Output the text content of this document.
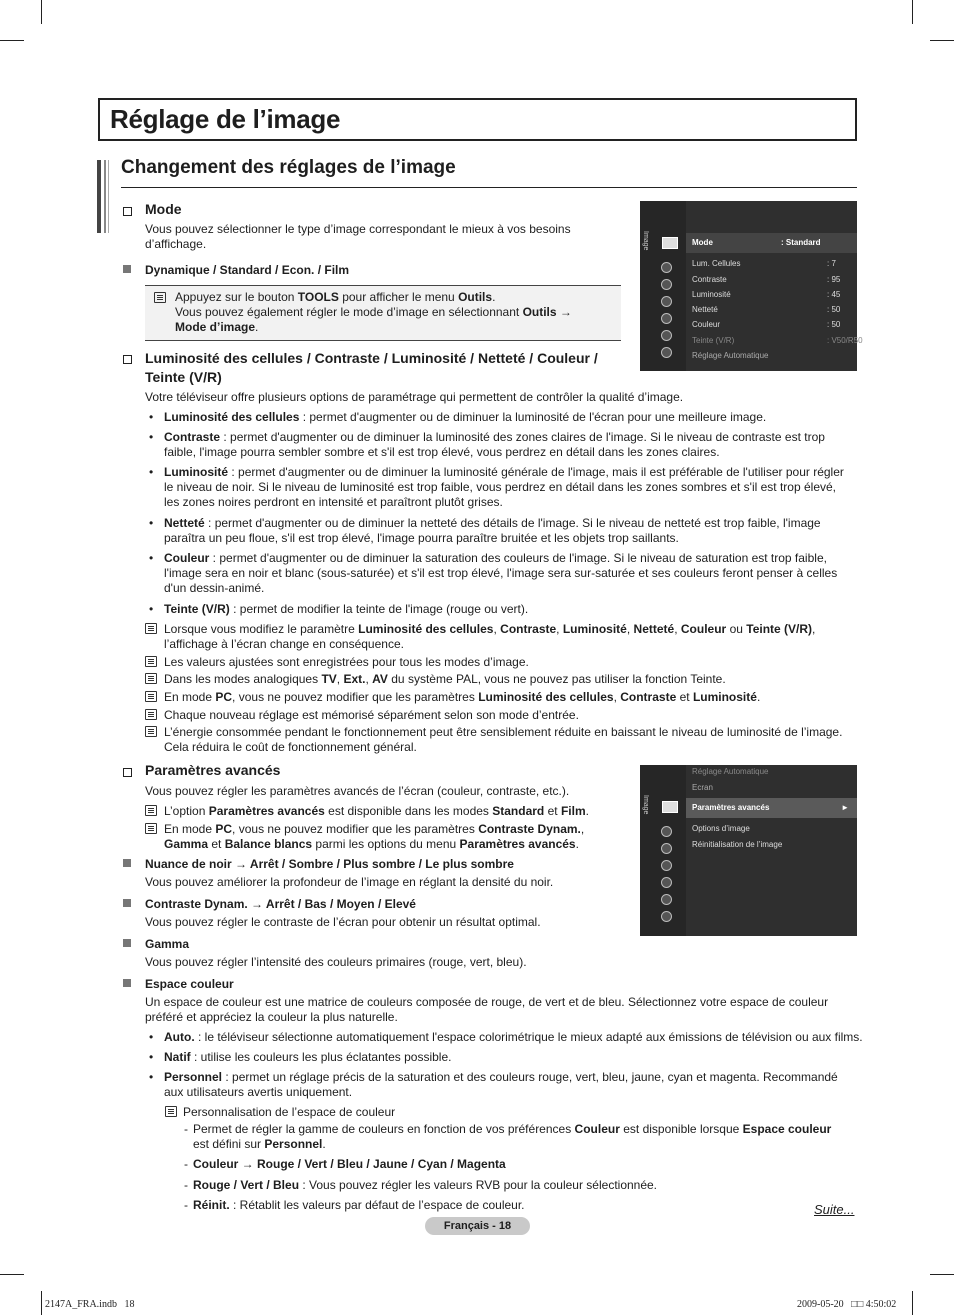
Réglage de l’image
Changement des réglages de l’image
Mode
Vous pouvez sélectionner le type d’image correspondant le mieux à vos besoins
d’affichage.
Dynamique / Standard / Econ. / Film
Appuyez sur le bouton TOOLS pour afficher le menu Outils.
Vous pouvez également régler le mode d’image en sélectionnant Outils →
Mode d’image.
Image	Mode	: Standard
Lum. Cellules	: 7
Contraste	: 95
Luminosité	: 45
Netteté	: 50
Couleur	: 50
Teinte (V/R)	: V50/R50
Réglage Automatique
Luminosité des cellules / Contraste / Luminosité / Netteté / Couleur /
Teinte (V/R)
Votre téléviseur offre plusieurs options de paramétrage qui permettent de contrôler la qualité d’image.
• Luminosité des cellules : permet d'augmenter ou de diminuer la luminosité de l'écran pour une meilleure image.
• Contraste : permet d'augmenter ou de diminuer la luminosité des zones claires de l'image. Si le niveau de contraste est trop
faible, l'image pourra sembler sombre et s'il est trop élevé, vous perdrez en détail dans les zones claires.
• Luminosité : permet d'augmenter ou de diminuer la luminosité générale de l'image, mais il est préférable de l'utiliser pour régler
le niveau de noir. Si le niveau de luminosité est trop faible, vous perdrez en détail dans les zones sombres et s'il est trop élevé,
les zones noires perdront en intensité et paraîtront plutôt grises.
• Netteté : permet d'augmenter ou de diminuer la netteté des détails de l'image. Si le niveau de netteté est trop faible, l'image
paraîtra un peu floue, s'il est trop élevé, l'image pourra paraître bruitée et les objets trop saillants.
• Couleur : permet d'augmenter ou de diminuer la saturation des couleurs de l'image. Si le niveau de saturation est trop faible,
l'image sera en noir et blanc (sous-saturée) et s'il est trop élevé, l'image sera sur-saturée et ses couleurs feront penser à celles
d'un dessin-animé.
• Teinte (V/R) : permet de modifier la teinte de l'image (rouge ou vert).
Lorsque vous modifiez le paramètre Luminosité des cellules, Contraste, Luminosité, Netteté, Couleur ou Teinte (V/R),
l’affichage à l’écran change en conséquence.
Les valeurs ajustées sont enregistrées pour tous les modes d’image.
Dans les modes analogiques TV, Ext., AV du système PAL, vous ne pouvez pas utiliser la fonction Teinte.
En mode PC, vous ne pouvez modifier que les paramètres Luminosité des cellules, Contraste et Luminosité.
Chaque nouveau réglage est mémorisé séparément selon son mode d’entrée.
L’énergie consommée pendant le fonctionnement peut être sensiblement réduite en baissant le niveau de luminosité de l’image.
Cela réduira le coût de fonctionnement général.
Paramètres avancés
Vous pouvez régler les paramètres avancés de l’écran (couleur, contraste, etc.).
L’option Paramètres avancés est disponible dans les modes Standard et Film.
En mode PC, vous ne pouvez modifier que les paramètres Contraste Dynam.,
Gamma et Balance blancs parmi les options du menu Paramètres avancés.
Nuance de noir → Arrêt / Sombre / Plus sombre / Le plus sombre
Vous pouvez améliorer la profondeur de l’image en réglant la densité du noir.
Contraste Dynam. → Arrêt / Bas / Moyen / Elevé
Vous pouvez régler le contraste de l’écran pour obtenir un résultat optimal.
Gamma
Vous pouvez régler l’intensité des couleurs primaires (rouge, vert, bleu).
Espace couleur
Un espace de couleur est une matrice de couleurs composée de rouge, de vert et de bleu. Sélectionnez votre espace de couleur
préféré et appréciez la couleur la plus naturelle.
• Auto. : le téléviseur sélectionne automatiquement l'espace colorimétrique le mieux adapté aux émissions de télévision ou aux films.
• Natif : utilise les couleurs les plus éclatantes possible.
• Personnel : permet un réglage précis de la saturation et des couleurs rouge, vert, bleu, jaune, cyan et magenta. Recommandé
aux utilisateurs avertis uniquement.
Personnalisation de l’espace de couleur
- Permet de régler la gamme de couleurs en fonction de vos préférences Couleur est disponible lorsque Espace couleur
est défini sur Personnel.
- Couleur → Rouge / Vert / Bleu / Jaune / Cyan / Magenta
- Rouge / Vert / Bleu : Vous pouvez régler les valeurs RVB pour la couleur sélectionnée.
- Réinit. : Rétablit les valeurs par défaut de l’espace de couleur.
Image
Réglage Automatique
Ecran
Paramètres avancés	►
Options d’image
Réinitialisation de l’image
Suite...
Français - 18
2147A_FRA.indb   18	2009-05-20   □□ 4:50:02
